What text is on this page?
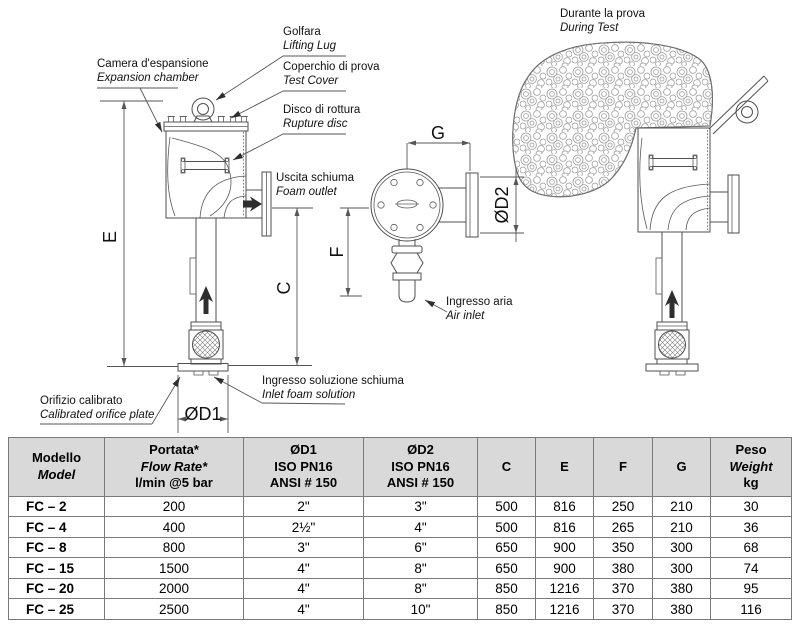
E
C
F
G
ØD2
ØD1
Camera d'espansione
Expansion chamber
Golfara
Lifting Lug
Coperchio di prova
Test Cover
Disco di rottura
Rupture disc
Uscita schiuma
Foam outlet
Orifizio calibrato
Calibrated orifice plate
Ingresso soluzione schiuma
Inlet foam solution
Ingresso aria
Air inlet
Durante la prova
During Test
Modello
Model

Portata*
Flow Rate*
l/min @5 bar

ØD1
ISO PN16
ANSI # 150

ØD2
ISO PN16
ANSI # 150

C	E	F	G

Peso
Weight
kg

FC – 2	200	2"	3"	500	816	250	210	30
FC – 4	400	2½"	4"	500	816	265	210	36
FC – 8	800	3"	6"	650	900	350	300	68
FC – 15	1500	4"	8"	650	900	380	300	74
FC – 20	2000	4"	8"	850	1216	370	380	95
FC – 25	2500	4"	10"	850	1216	370	380	116
